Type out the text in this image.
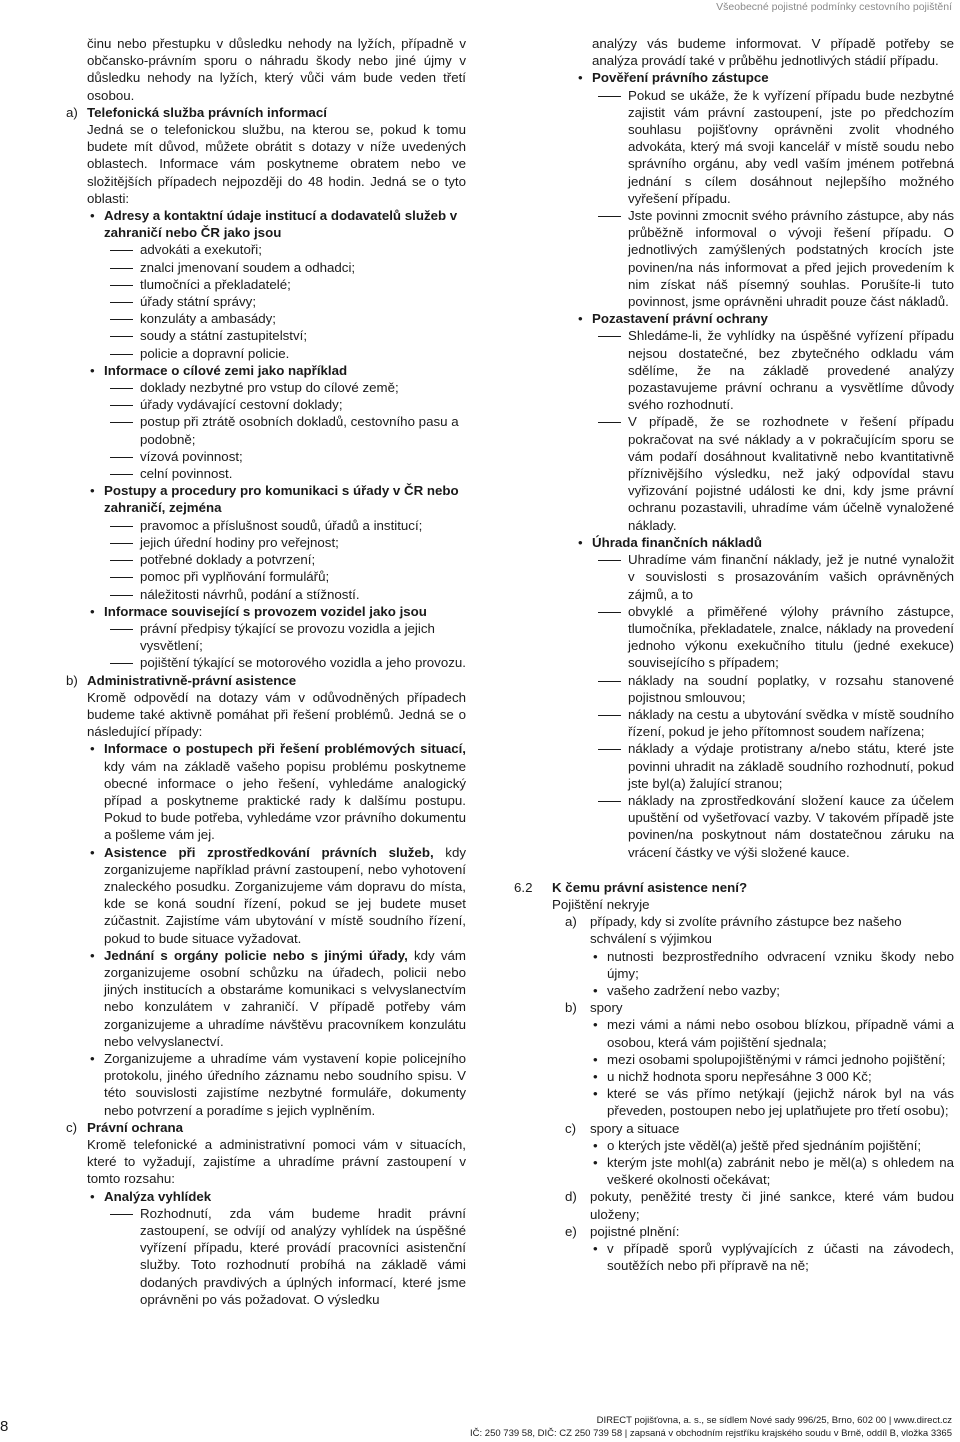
Všeobecné pojistné podmínky cestovního pojištění

činu nebo přestupku v důsledku nehody na lyžích, případně v občansko-právním sporu o náhradu škody nebo jiné újmy v důsledku nehody na lyžích, který vůči vám bude veden třetí osobou.

a) Telefonická služba právních informací

Jedná se o telefonickou službu, na kterou se, pokud k tomu budete mít důvod, můžete obrátit s dotazy v níže uvedených oblastech. Informace vám poskytneme obratem nebo ve složitějších případech nejpozději do 48 hodin. Jedná se o tyto oblasti:

• Adresy a kontaktní údaje institucí a dodavatelů služeb v zahraničí nebo ČR jako jsou
advokáti a exekutoři;
znalci jmenovaní soudem a odhadci;
tlumočníci a překladatelé;
úřady státní správy;
konzuláty a ambasády;
soudy a státní zastupitelství;
policie a dopravní policie.
• Informace o cílové zemi jako například
doklady nezbytné pro vstup do cílové země;
úřady vydávající cestovní doklady;
postup při ztrátě osobních dokladů, cestovního pasu a podobně;
vízová povinnost;
celní povinnost.
• Postupy a procedury pro komunikaci s úřady v ČR nebo zahraničí, zejména
pravomoc a příslušnost soudů, úřadů a institucí;
jejich úřední hodiny pro veřejnost;
potřebné doklady a potvrzení;
pomoc při vyplňování formulářů;
náležitosti návrhů, podání a stížností.
• Informace související s provozem vozidel jako jsou
právní předpisy týkající se provozu vozidla a jejich vysvětlení;
pojištění týkající se motorového vozidla a jeho provozu.
b) Administrativně-právní asistence

Kromě odpovědí na dotazy vám v odůvodněných případech budeme také aktivně pomáhat při řešení problémů. Jedná se o následující případy:

• Informace o postupech při řešení problémových situací, kdy vám na základě vašeho popisu problému poskytneme obecné informace o jeho řešení, vyhledáme analogický případ a poskytneme praktické rady k dalšímu postupu. Pokud to bude potřeba, vyhledáme vzor právního dokumentu a pošleme vám jej.
• Asistence při zprostředkování právních služeb, kdy zorganizujeme například právní zastoupení, nebo vyhotovení znaleckého posudku. Zorganizujeme vám dopravu do místa, kde se koná soudní řízení, pokud se jej budete muset zúčastnit. Zajistíme vám ubytování v místě soudního řízení, pokud to bude situace vyžadovat.
• Jednání s orgány policie nebo s jinými úřady, kdy vám zorganizujeme osobní schůzku na úřadech, policii nebo jiných institucích a obstaráme komunikaci s velvyslanectvím nebo konzulátem v zahraničí. V případě potřeby vám zorganizujeme a uhradíme návštěvu pracovníkem konzulátu nebo velvyslanectví.
• Zorganizujeme a uhradíme vám vystavení kopie policejního protokolu, jiného úředního záznamu nebo soudního spisu. V této souvislosti zajistíme nezbytné formuláře, dokumenty nebo potvrzení a poradíme s jejich vyplněním.
c) Právní ochrana

Kromě telefonické a administrativní pomoci vám v situacích, které to vyžadují, zajistíme a uhradíme právní zastoupení v tomto rozsahu:

• Analýza vyhlídek
Rozhodnutí, zda vám budeme hradit právní zastoupení, se odvíjí od analýzy vyhlídek na úspěšné vyřízení případu, které provádí pracovníci asistenční služby. Toto rozhodnutí probíhá na základě vámi dodaných pravdivých a úplných informací, které jsme oprávněni po vás požadovat. O výsledku

analýzy vás budeme informovat. V případě potřeby se analýza provádí také v průběhu jednotlivých stádií případu.

• Pověření právního zástupce
Pokud se ukáže, že k vyřízení případu bude nezbytné zajistit vám právní zastoupení, jste po předchozím souhlasu pojišťovny oprávněni zvolit vhodného advokáta, který má svoji kancelář v místě soudu nebo správního orgánu, aby vedl vaším jménem potřebná jednání s cílem dosáhnout nejlepšího možného vyřešení případu.
Jste povinni zmocnit svého právního zástupce, aby nás průběžně informoval o vývoji řešení případu. O jednotlivých zamýšlených podstatných krocích jste povinen/na nás informovat a před jejich provedením k nim získat náš písemný souhlas. Porušíte-li tuto povinnost, jsme oprávněni uhradit pouze část nákladů.
• Pozastavení právní ochrany
Shledáme-li, že vyhlídky na úspěšné vyřízení případu nejsou dostatečné, bez zbytečného odkladu vám sdělíme, že na základě provedené analýzy pozastavujeme právní ochranu a vysvětlíme důvody svého rozhodnutí.
V případě, že se rozhodnete v řešení případu pokračovat na své náklady a v pokračujícím sporu se vám podaří dosáhnout kvalitativně nebo kvantitativně příznivějšího výsledku, než jaký odpovídal stavu vyřizování pojistné události ke dni, kdy jsme právní ochranu pozastavili, uhradíme vám účelně vynaložené náklady.
• Úhrada finančních nákladů
Uhradíme vám finanční náklady, jež je nutné vynaložit v souvislosti s prosazováním vašich oprávněných zájmů, a to
obvyklé a přiměřené výlohy právního zástupce, tlumočníka, překladatele, znalce, náklady na provedení jednoho výkonu exekučního titulu (jedné exekuce) souvisejícího s případem;
náklady na soudní poplatky, v rozsahu stanovené pojistnou smlouvou;
náklady na cestu a ubytování svědka v místě soudního řízení, pokud je jeho přítomnost soudem nařízena;
náklady a výdaje protistrany a/nebo státu, které jste povinni uhradit na základě soudního rozhodnutí, pokud jste byl(a) žalující stranou;
náklady na zprostředkování složení kauce za účelem upuštění od vyšetřovací vazby. V takovém případě jste povinen/na poskytnout nám dostatečnou záruku na vrácení částky ve výši složené kauce.
6.2 K čemu právní asistence není?

Pojištění nekryje

a) případy, kdy si zvolíte právního zástupce bez našeho schválení s výjimkou

• nutnosti bezprostředního odvracení vzniku škody nebo újmy;
• vašeho zadržení nebo vazby;
b) spory

• mezi vámi a námi nebo osobou blízkou, případně vámi a osobou, která vám pojištění sjednala;
• mezi osobami spolupojištěnými v rámci jednoho pojištění;
• u nichž hodnota sporu nepřesáhne 3 000 Kč;
• které se vás přímo netýkají (jejichž nárok byl na vás převeden, postoupen nebo jej uplatňujete pro třetí osobu);
c) spory a situace

• o kterých jste věděl(a) ještě před sjednáním pojištění;
• kterým jste mohl(a) zabránit nebo je měl(a) s ohledem na veškeré okolnosti očekávat;
d) pokuty, peněžité tresty či jiné sankce, které vám budou uloženy;

e) pojistné plnění:

• v případě sporů vyplývajících z účasti na závodech, soutěžích nebo při přípravě na ně;
8	DIRECT pojišťovna, a. s., se sídlem Nové sady 996/25, Brno, 602 00 | www.direct.cz
IČ: 250 739 58, DIČ: CZ 250 739 58 | zapsaná v obchodním rejstříku krajského soudu v Brně, oddíl B, vložka 3365
